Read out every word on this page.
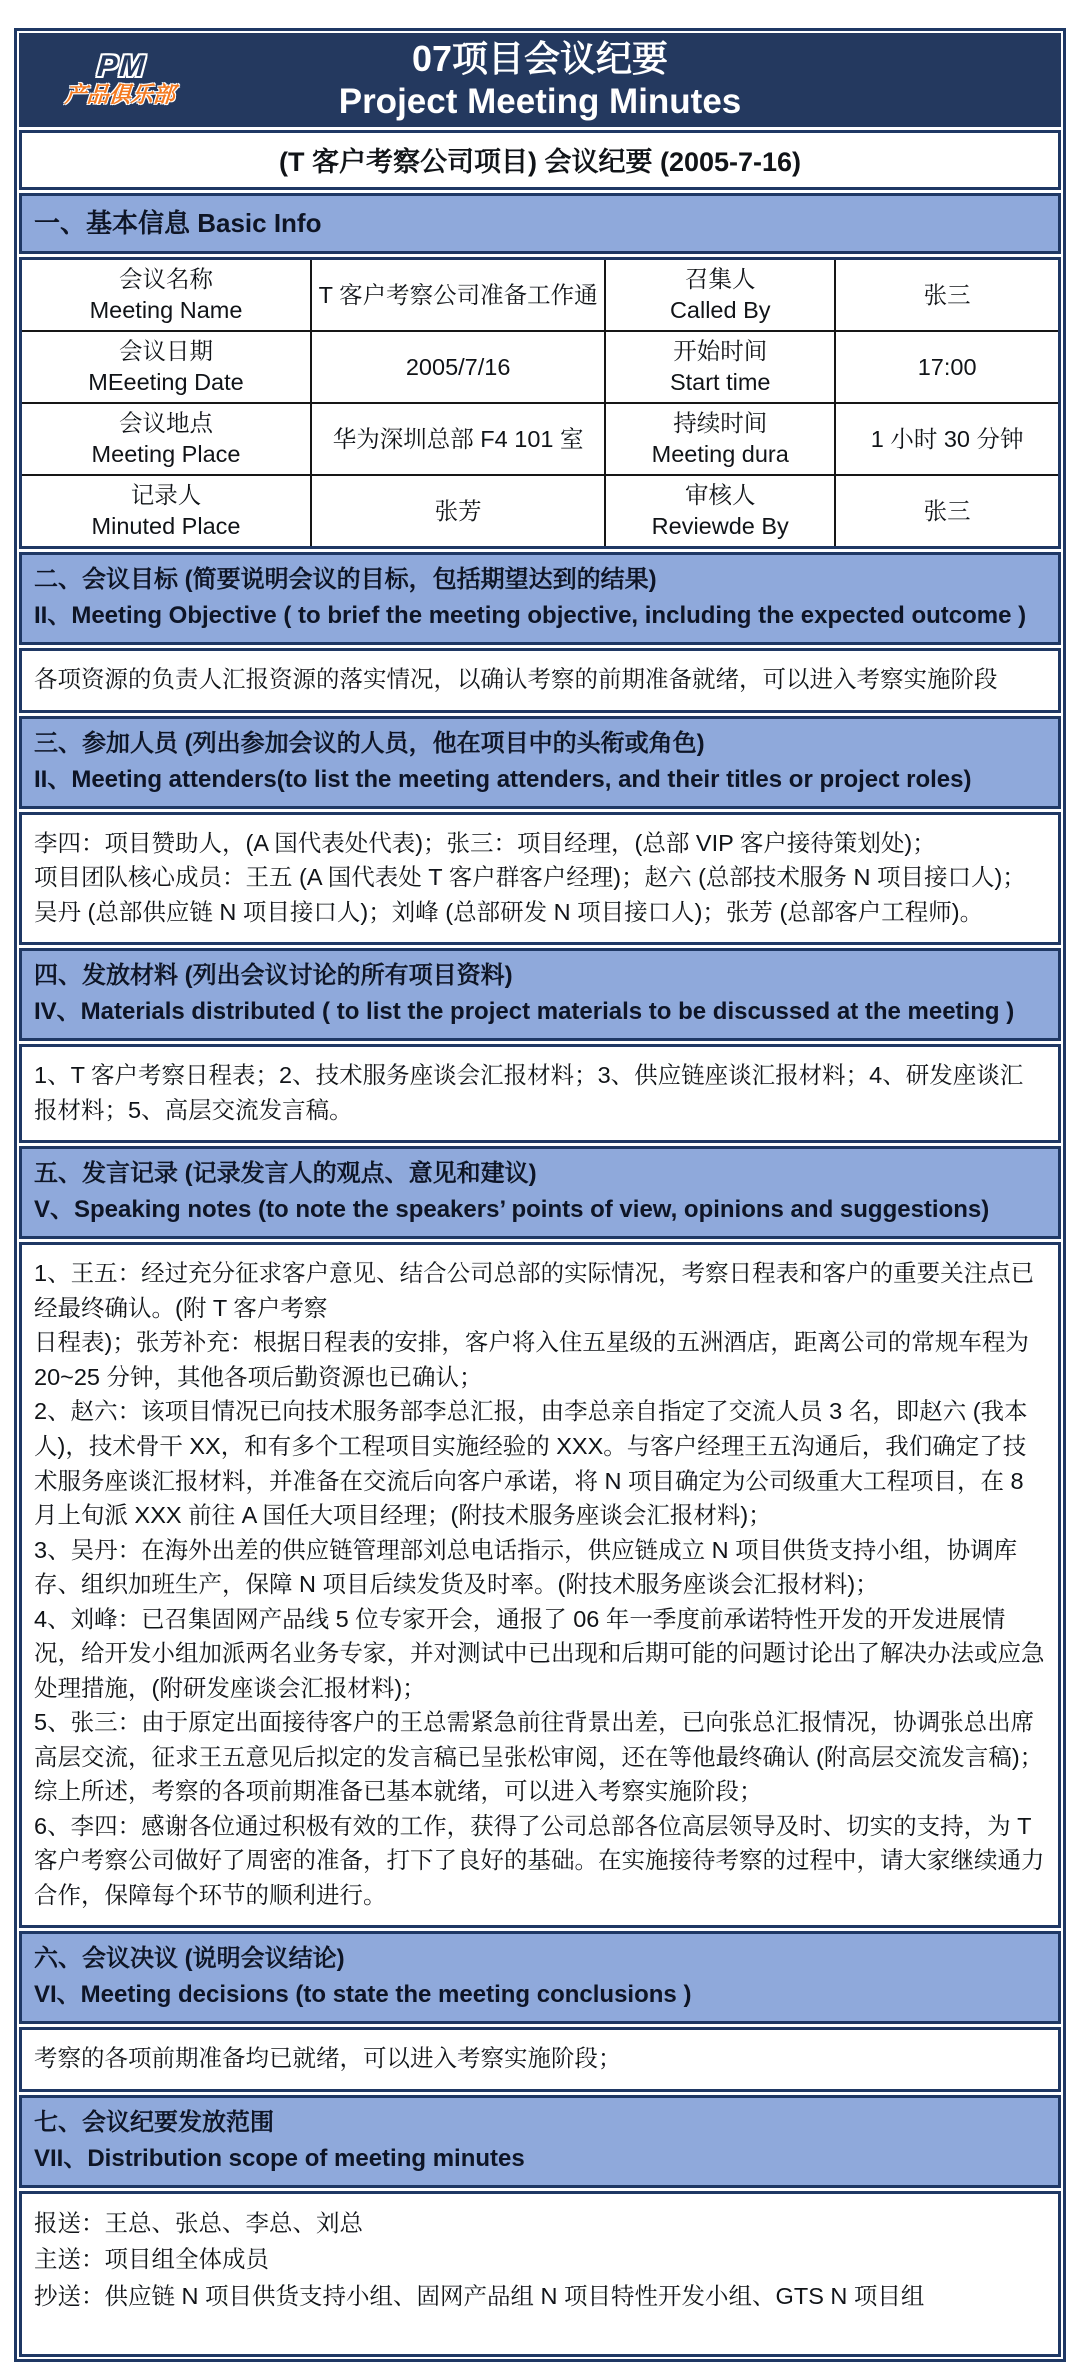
PM
产品俱乐部
07项目会议纪要
Project Meeting Minutes
(T 客户考察公司项目) 会议纪要 (2005-7-16)
一、基本信息 Basic Info
会议名称
Meeting Name
	T 客户考察公司准备工作通	
召集人
Called By
	张三

会议日期
MEeeting Date
	2005/7/16	
开始时间
Start time
	17:00

会议地点
Meeting Place
	华为深圳总部 F4 101 室	
持续时间
Meeting dura
	1 小时 30 分钟

记录人
Minuted Place
	张芳	
审核人
Reviewde By
	张三
二、会议目标 (简要说明会议的目标，包括期望达到的结果)
II、Meeting Objective ( to brief the meeting objective, including the expected outcome )

各项资源的负责人汇报资源的落实情况，以确认考察的前期准备就绪，可以进入考察实施阶段

三、参加人员 (列出参加会议的人员，他在项目中的头衔或角色)
II、Meeting attenders(to list the meeting attenders, and their titles or project roles)

李四：项目赞助人，(A 国代表处代表)；张三：项目经理，(总部 VIP 客户接待策划处)；

项目团队核心成员：王五 (A 国代表处 T 客户群客户经理)；赵六 (总部技术服务 N 项目接口人)；吴丹 (总部供应链 N 项目接口人)；刘峰 (总部研发 N 项目接口人)；张芳 (总部客户工程师)。

四、发放材料 (列出会议讨论的所有项目资料)
IV、Materials distributed ( to list the project materials to be discussed at the meeting )

1、T 客户考察日程表；2、技术服务座谈会汇报材料；3、供应链座谈汇报材料；4、研发座谈汇报材料；5、高层交流发言稿。

五、发言记录 (记录发言人的观点、意见和建议)
V、Speaking notes (to note the speakers’ points of view, opinions and suggestions)

1、王五：经过充分征求客户意见、结合公司总部的实际情况，考察日程表和客户的重要关注点已经最终确认。(附 T 客户考察

日程表)；张芳补充：根据日程表的安排，客户将入住五星级的五洲酒店，距离公司的常规车程为 20~25 分钟，其他各项后勤资源也已确认；

2、赵六：该项目情况已向技术服务部李总汇报，由李总亲自指定了交流人员 3 名，即赵六 (我本人)，技术骨干 XX，和有多个工程项目实施经验的 XXX。与客户经理王五沟通后，我们确定了技术服务座谈汇报材料，并准备在交流后向客户承诺，将 N 项目确定为公司级重大工程项目，在 8 月上旬派 XXX 前往 A 国任大项目经理；(附技术服务座谈会汇报材料)；

3、吴丹：在海外出差的供应链管理部刘总电话指示，供应链成立 N 项目供货支持小组，协调库存、组织加班生产，保障 N 项目后续发货及时率。(附技术服务座谈会汇报材料)；

4、刘峰：已召集固网产品线 5 位专家开会，通报了 06 年一季度前承诺特性开发的开发进展情况，给开发小组加派两名业务专家，并对测试中已出现和后期可能的问题讨论出了解决办法或应急处理措施，(附研发座谈会汇报材料)；

5、张三：由于原定出面接待客户的王总需紧急前往背景出差，已向张总汇报情况，协调张总出席高层交流，征求王五意见后拟定的发言稿已呈张松审阅，还在等他最终确认 (附高层交流发言稿)；综上所述，考察的各项前期准备已基本就绪，可以进入考察实施阶段；

6、李四：感谢各位通过积极有效的工作，获得了公司总部各位高层领导及时、切实的支持，为 T 客户考察公司做好了周密的准备，打下了良好的基础。在实施接待考察的过程中，请大家继续通力合作，保障每个环节的顺利进行。

六、会议决议 (说明会议结论)
VI、Meeting decisions (to state the meeting conclusions )

考察的各项前期准备均已就绪，可以进入考察实施阶段；

七、会议纪要发放范围
VII、Distribution scope of meeting minutes

报送：王总、张总、李总、刘总

主送：项目组全体成员

抄送：供应链 N 项目供货支持小组、固网产品组 N 项目特性开发小组、GTS N 项目组
